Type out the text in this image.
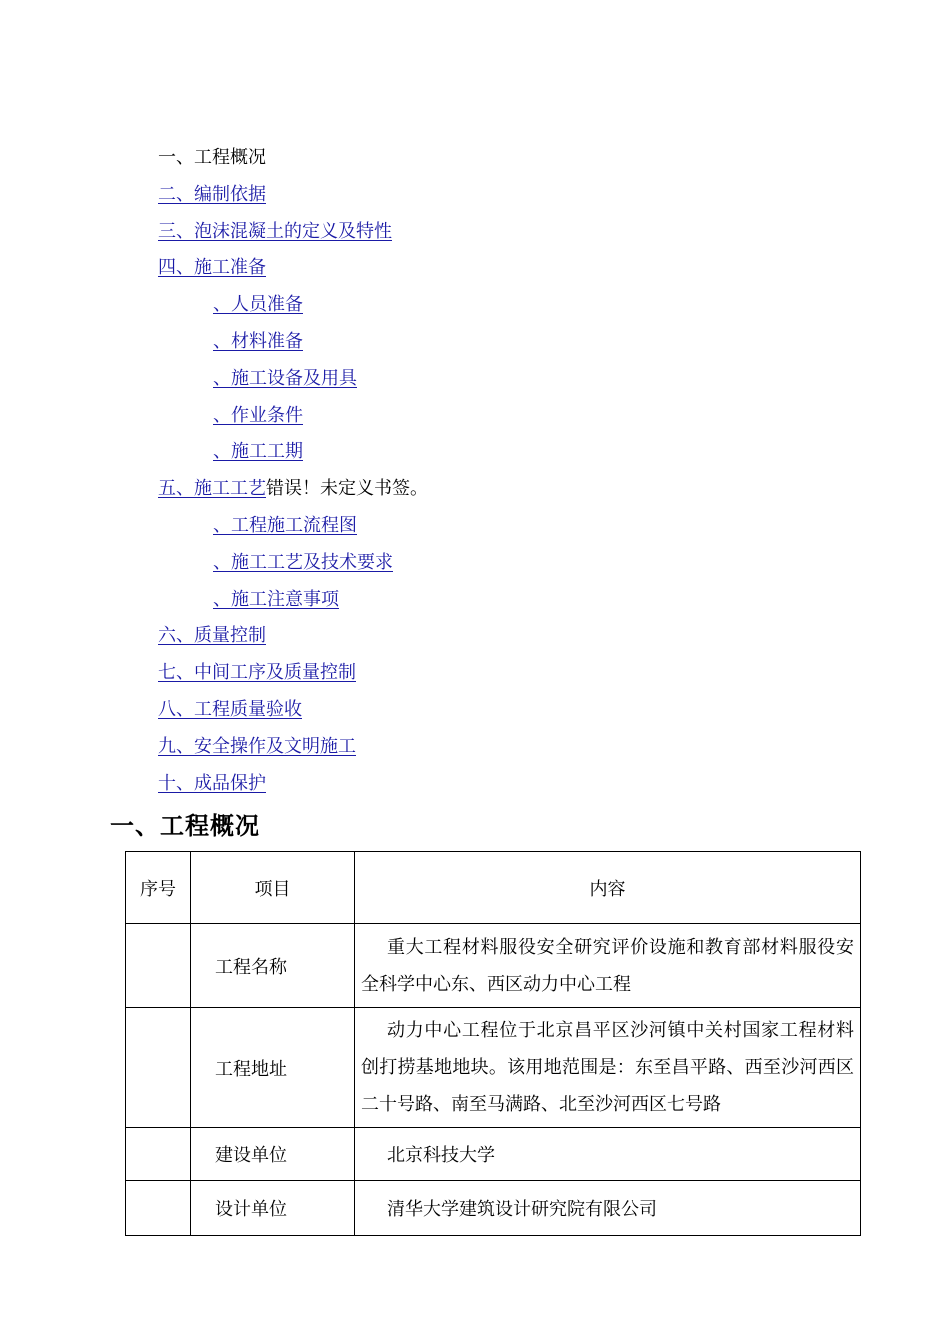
一、工程概况
二、编制依据
三、泡沫混凝土的定义及特性
四、施工准备
、人员准备
、材料准备
、施工设备及用具
、作业条件
、施工工期
五、施工工艺错误！未定义书签。
、工程施工流程图
、施工工艺及技术要求
、施工注意事项
六、质量控制
七、中间工序及质量控制
八、工程质量验收
九、安全操作及文明施工
十、成品保护
一、工程概况
序号	项目	内容
	工程名称	重大工程材料服役安全研究评价设施和教育部材料服役安全科学中心东、西区动力中心工程
	工程地址	动力中心工程位于北京昌平区沙河镇中关村国家工程材料创打捞基地地块。该用地范围是：东至昌平路、西至沙河西区二十号路、南至马满路、北至沙河西区七号路
	建设单位	北京科技大学
	设计单位	清华大学建筑设计研究院有限公司
